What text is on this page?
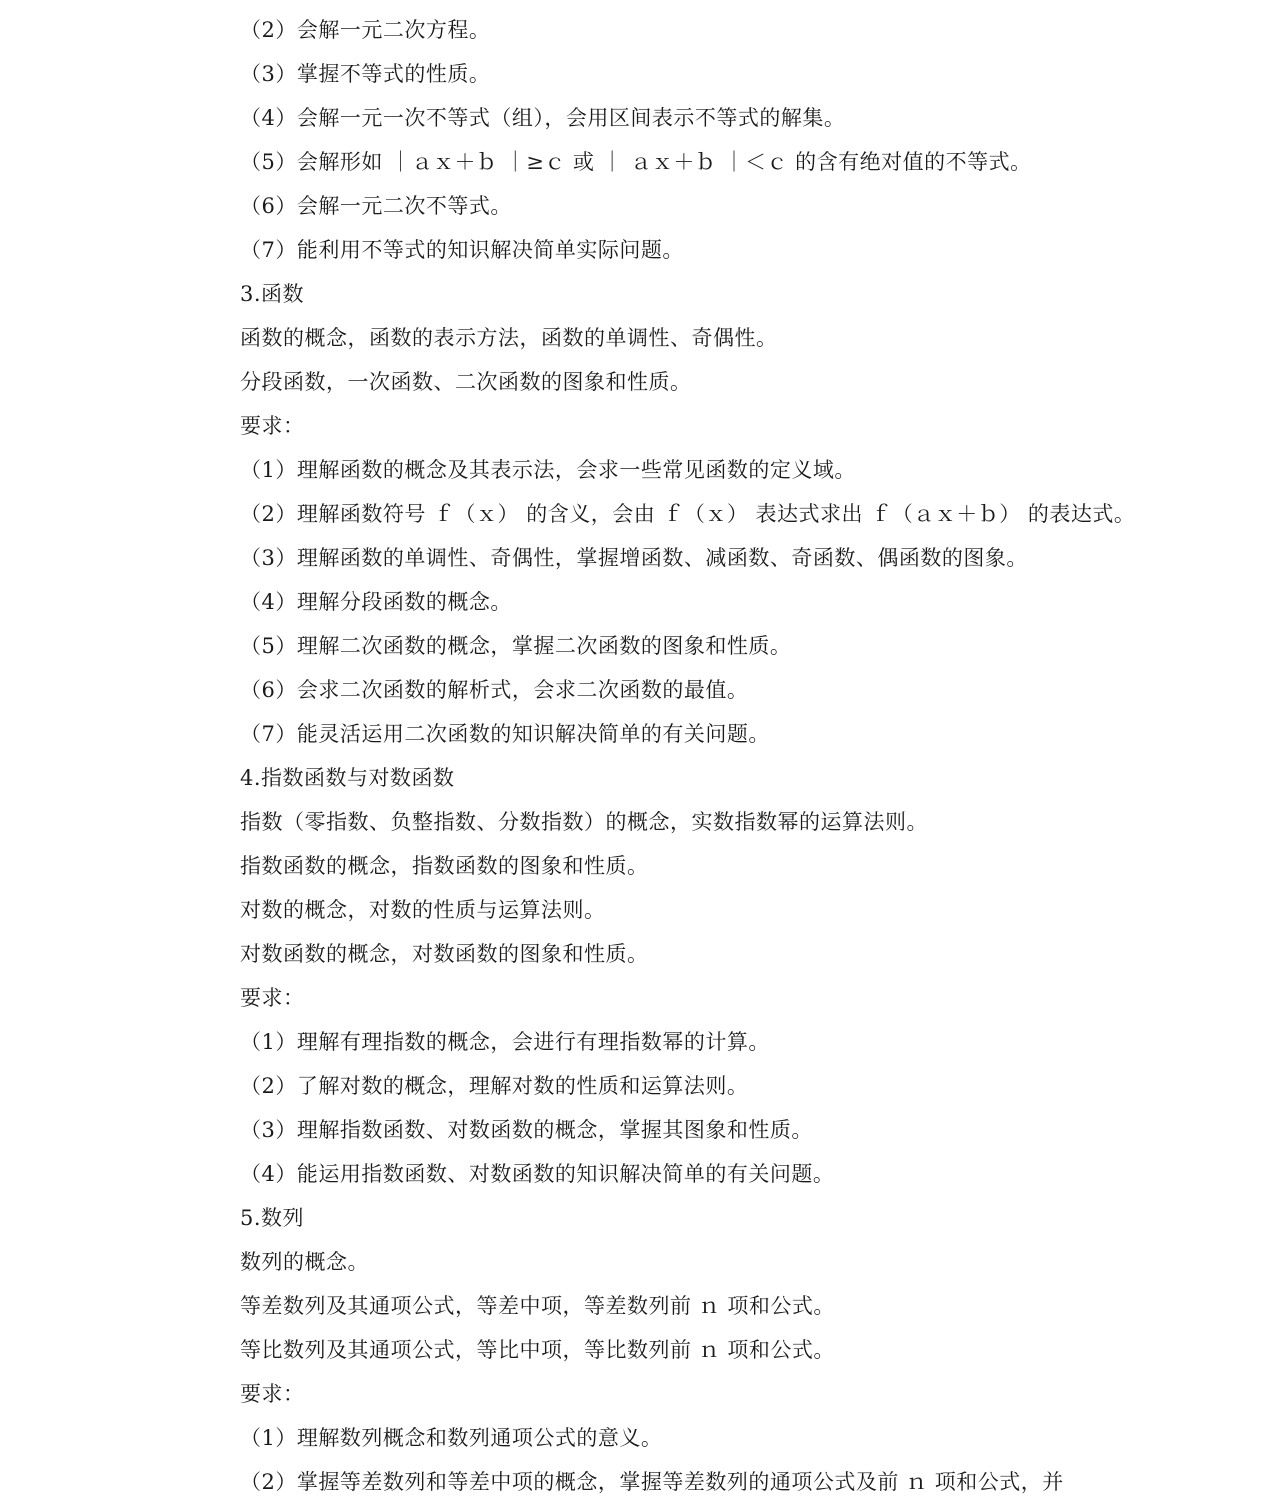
（2）会解一元二次方程。
（3）掌握不等式的性质。
（4）会解一元一次不等式（组），会用区间表示不等式的解集。
（5）会解形如 ｜ａｘ＋ｂ ｜≥ｃ 或 ｜ ａｘ＋ｂ ｜＜ｃ 的含有绝对值的不等式。
（6）会解一元二次不等式。
（7）能利用不等式的知识解决简单实际问题。
3.函数
函数的概念，函数的表示方法，函数的单调性、奇偶性。
分段函数，一次函数、二次函数的图象和性质。
要求：
（1）理解函数的概念及其表示法，会求一些常见函数的定义域。
（2）理解函数符号 ｆ（ｘ） 的含义，会由 ｆ（ｘ） 表达式求出 ｆ（ａｘ＋ｂ） 的表达式。
（3）理解函数的单调性、奇偶性，掌握增函数、减函数、奇函数、偶函数的图象。
（4）理解分段函数的概念。
（5）理解二次函数的概念，掌握二次函数的图象和性质。
（6）会求二次函数的解析式，会求二次函数的最值。
（7）能灵活运用二次函数的知识解决简单的有关问题。
4.指数函数与对数函数
指数（零指数、负整指数、分数指数）的概念，实数指数幂的运算法则。
指数函数的概念，指数函数的图象和性质。
对数的概念，对数的性质与运算法则。
对数函数的概念，对数函数的图象和性质。
要求：
（1）理解有理指数的概念，会进行有理指数幂的计算。
（2）了解对数的概念，理解对数的性质和运算法则。
（3）理解指数函数、对数函数的概念，掌握其图象和性质。
（4）能运用指数函数、对数函数的知识解决简单的有关问题。
5.数列
数列的概念。
等差数列及其通项公式，等差中项，等差数列前 ｎ 项和公式。
等比数列及其通项公式，等比中项，等比数列前 ｎ 项和公式。
要求：
（1）理解数列概念和数列通项公式的意义。
（2）掌握等差数列和等差中项的概念，掌握等差数列的通项公式及前 ｎ 项和公式，并
